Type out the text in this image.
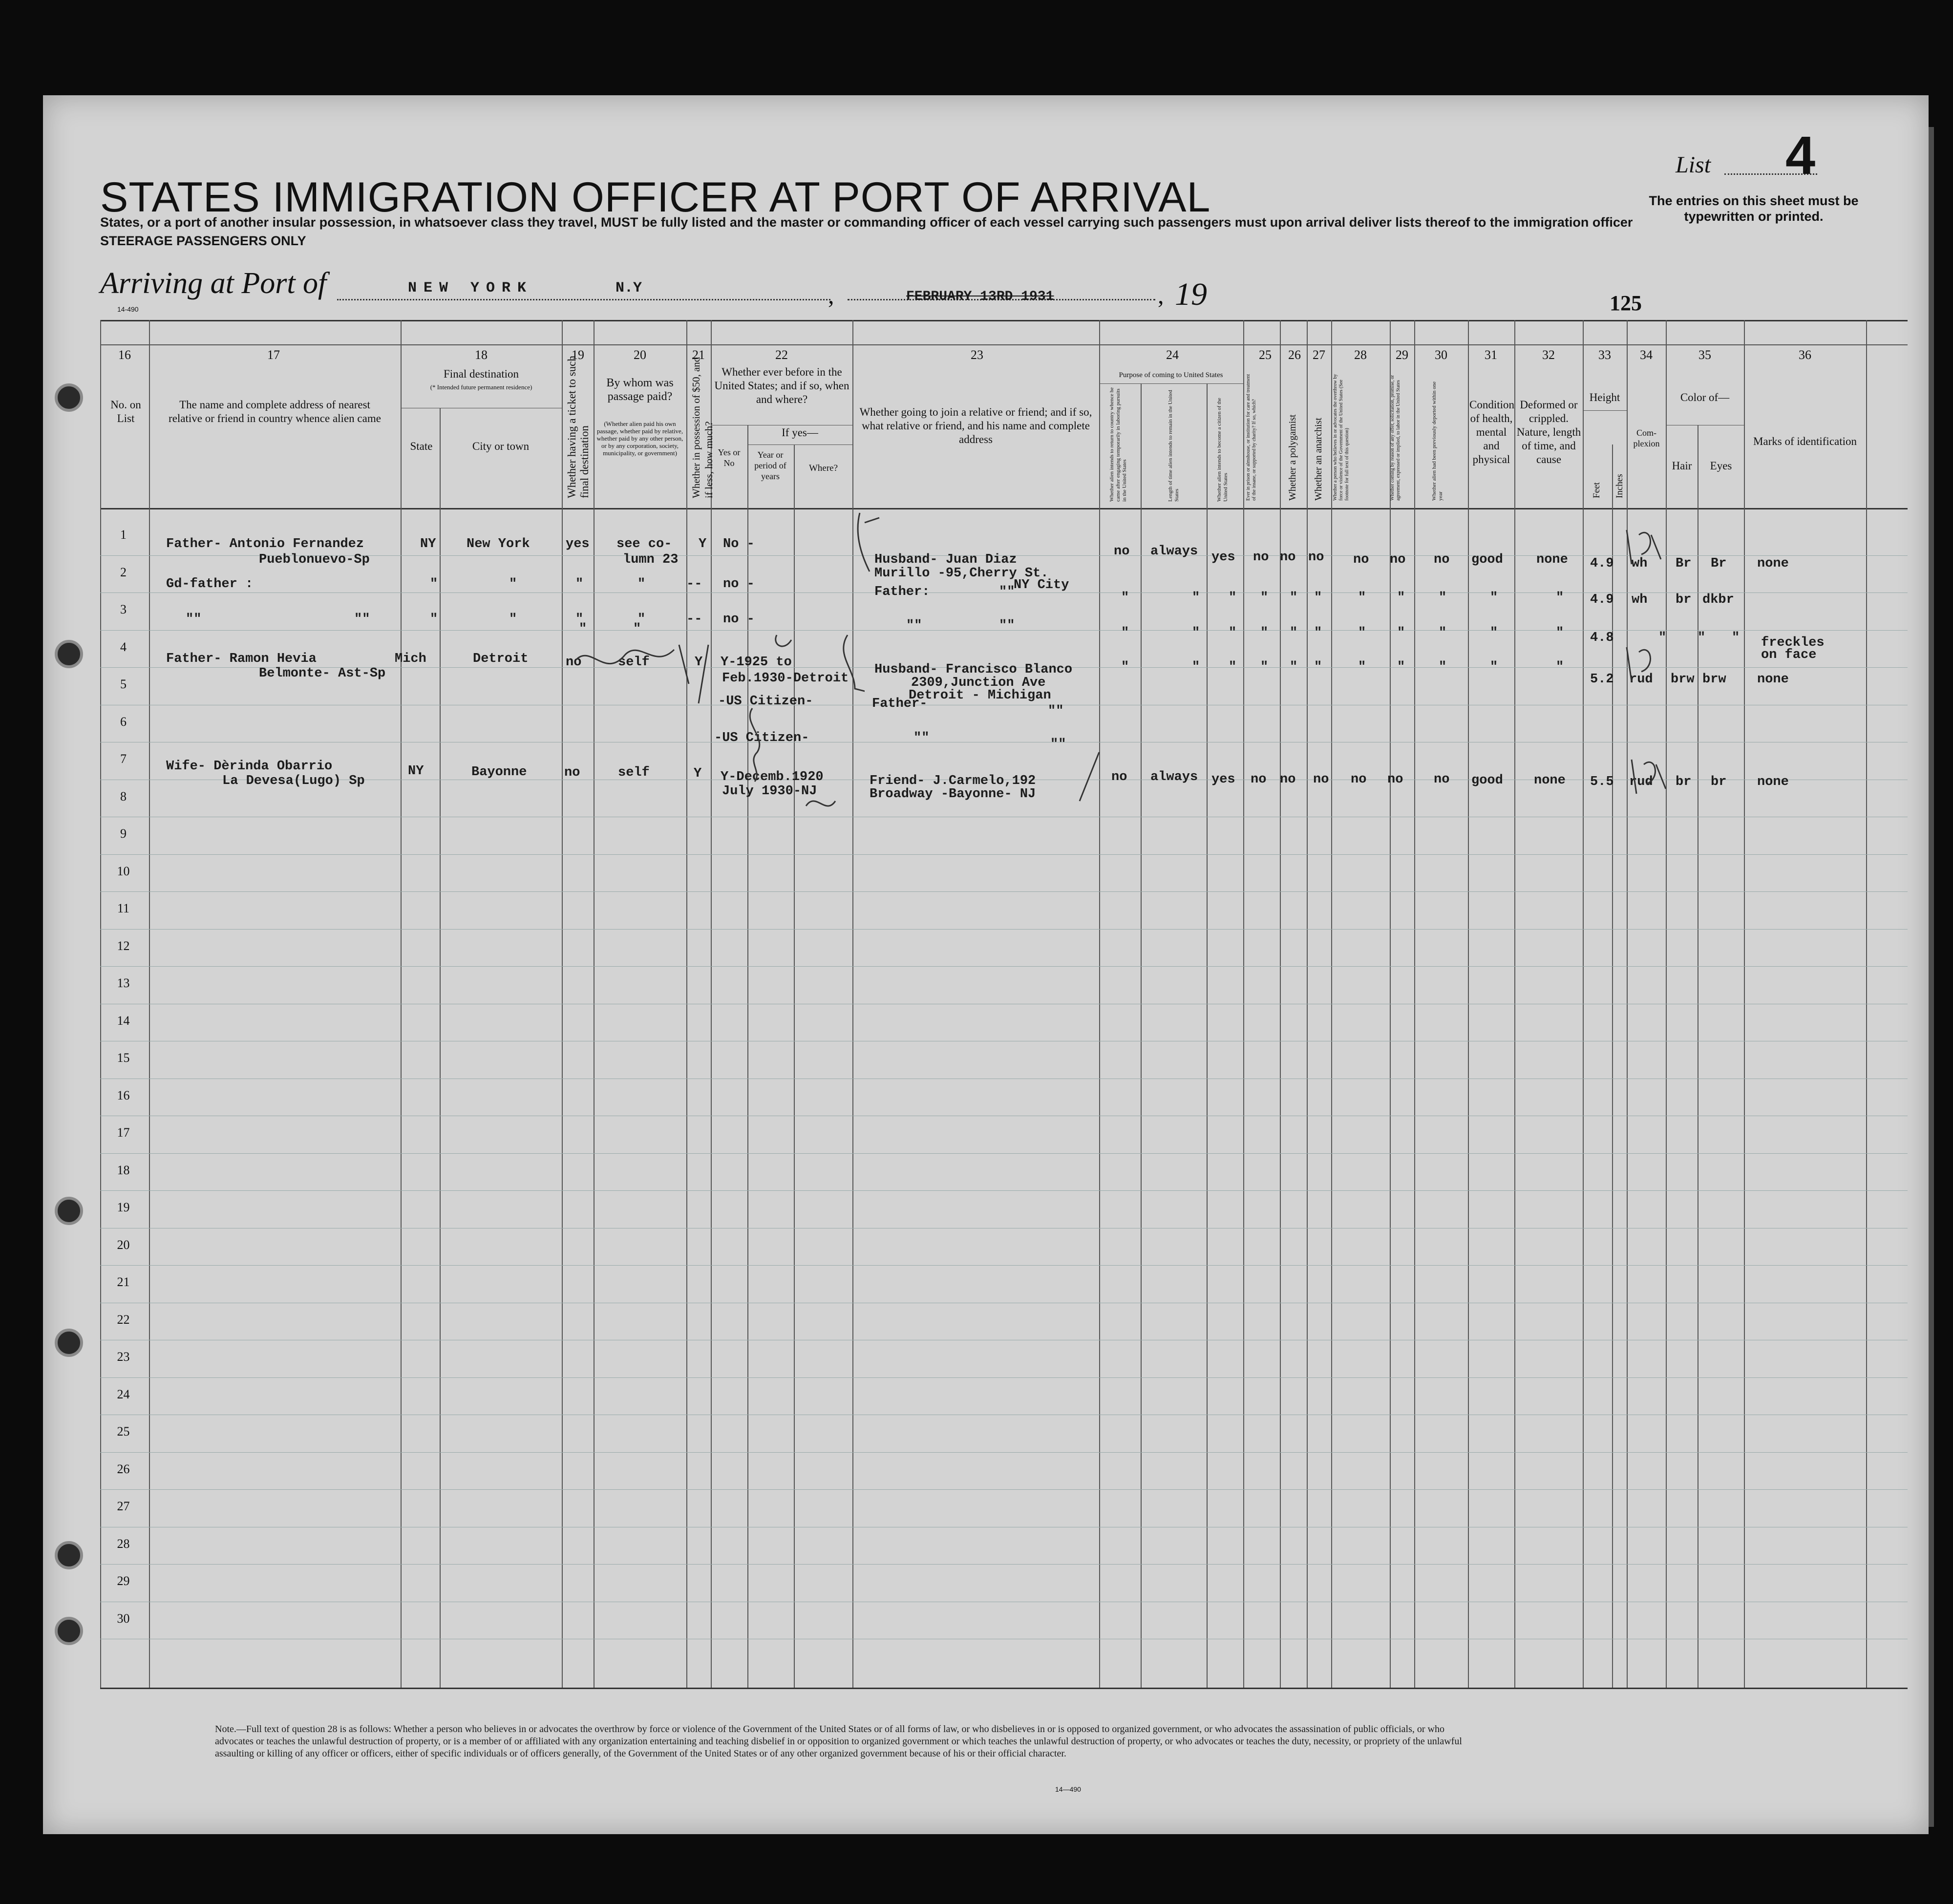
STATES IMMIGRATION OFFICER AT PORT OF ARRIVAL
States, or a port of another insular possession, in whatsoever class they travel, MUST be fully listed and the master or commanding officer of each vessel carrying such passengers must upon arrival deliver lists thereof to the immigration officer
STEERAGE PASSENGERS ONLY
List 4
The entries on this sheet must be typewritten or printed.
Arriving at Port of	NEW YORK	N.Y	,	FEBRUARY 13RD 1931	, 19	125
14-490
16	17	18	19	20	21	22	23	24	25 26 27 28 29 30	31	32	33 34	35	36
No. on List
The name and complete address of nearest relative or friend in country whence alien came
Final destination
(* Intended future permanent residence)
State	City or town	Whether having a ticket to such final destination
By whom was passage paid?
(Whether alien paid his own passage, whether paid by relative, whether paid by any other person, or by any corporation, society, municipality, or government)	Whether in possession of $50, and if less, how much?
Whether ever before in the United States; and if so, when and where?
Yes or No
If yes—
Year or period of years
Where?
Whether going to join a relative or friend; and if so, what relative or friend, and his name and complete address
Purpose of coming to United States
Whether alien intends to return to country whence he came after engaging temporarily in laboring pursuits in the United States	Length of time alien intends to remain in the United States	Whether alien intends to become a citizen of the United States	Ever in prison or almshouse, or institution for care and treatment of the insane, or supported by charity? If so, which?	Whether a polygamist Whether an anarchist Whether a person who believes in or advocates the overthrow by force or violence of the Government of the United States (See footnote for full text of this question)	Whether coming by reason of any offer, solicitation, promise, or agreement, expressed or implied, to labor in the United States	Whether alien had been previously deported within one year
Condition of health, mental and physical
Deformed or crippled. Nature, length of time, and cause
Height
Feet Inches
Com-plexion
Color of—
Hair	Eyes
Marks of identification
1
2
3
4
5
6
7
8
9
10
11
12
13
14
15
16
17
18
19
20
21
22
23
24
25
26
27
28
29
30
Father- Antonio Fernandez
Pueblonuevo-Sp
NY New York	yes see co-
lumn 23
Y No -
Husband- Juan Diaz
Murillo -95,Cherry St.
NY City
no always yes no no no no no no good	none 4.9 wh Br Br none
Gd-father :	"	"	"	"	-- no -
Father:	""
4.9 wh br dkbr
""	""	"	"	"	"	-- no -	""	""
4.8	freckles
on face
Father- Ramon Hevia
Belmonte- Ast-Sp
Mich	Detroit	no	self	Y Y-1925 to
Feb.1930-Detroit
-US Citizen-
-US Citizen-
Husband- Francisco Blanco
2309,Junction Ave
Detroit - Michigan
Father-	""
""	""
5.2 rud brw brw none
Wife- Dèrinda Obarrio
La Devesa(Lugo) Sp
NY	Bayonne	no	self	Y Y-Decemb.1920
July 1930-NJ
Friend- J.Carmelo,192
Broadway -Bayonne- NJ
no always yes no no no no no no good none 5.5 rud br br none
"	" " " " "	" "	"	"	"
"	" " " " "	" "	"	"	"
"	" " " " "	" "	"	"	"
"	"
" " "
Note.—Full text of question 28 is as follows: Whether a person who believes in or advocates the overthrow by force or violence of the Government of the United States or of all forms of law, or who disbelieves in or is opposed to organized government, or who advocates the assassination of public officials, or who advocates or teaches the unlawful destruction of property, or is a member of or affiliated with any organization entertaining and teaching disbelief in or opposition to organized government or which teaches the unlawful destruction of property, or who advocates or teaches the duty, necessity, or propriety of the unlawful assaulting or killing of any officer or officers, either of specific individuals or of officers generally, of the Government of the United States or of any other organized government because of his or their official character.
14—490
